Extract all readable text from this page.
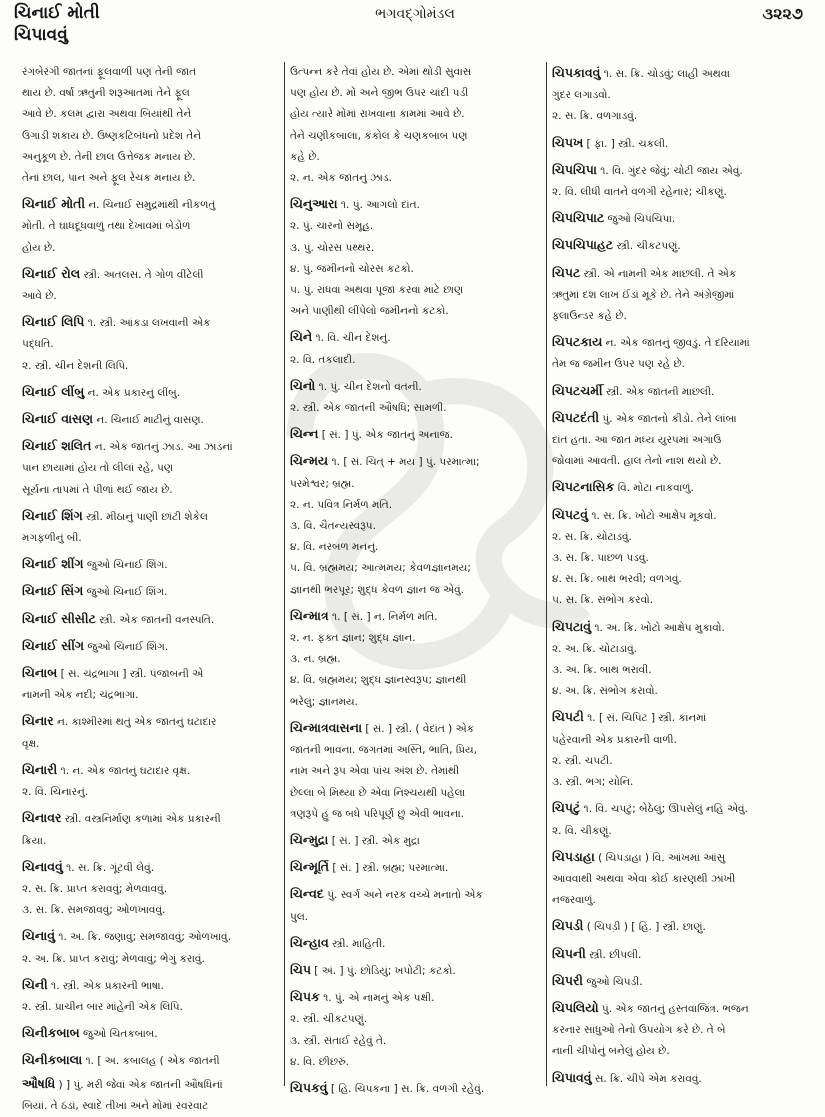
ચિનાઈ મોતી
ચિપાવવું
ભગવદ્ગોમંડલ	૩૨૨૭
રંગબેરંગી જાતનાં ફૂલવાળી પણ તેની જાત
થાય છે. વર્ષા ઋતુની શરૂઆતમાં તેને ફૂલ
આવે છે. કલમ દ્વારા અથવા બિયાંથી તેને
ઉગાડી શકાય છે. ઉષ્ણકટિબંધનો પ્રદેશ તેને
અનુકૂળ છે. તેની છાલ ઉત્તેજક મનાય છે.
તેનાં છાલ, પાન અને ફૂલ રેચક મનાય છે.
ચિનાઈ મોતી ન. ચિનાઈ સમુદ્રમાંથી નીકળતું
મોતી. તે ઘાધદૂધવાળું તથા દેખાવમાં બેડોળ
હોય છે.
ચિનાઈ રોલ સ્ત્રી. અતલસ. તે ગોળ વીંટેલી
આવે છે.
ચિનાઈ લિપિ ૧. સ્ત્રી. આંકડા લખવાની એક
પદ્ધતિ.
૨. સ્ત્રી. ચીન દેશની લિપિ.
ચિનાઈ લીંબુ ન. એક પ્રકારનું લીંબુ.
ચિનાઈ વાસણ ન. ચિનાઈ માટીનું વાસણ.
ચિનાઈ શલિત ન. એક જાતનું ઝાડ. આ ઝાડનાં
પાન છાયામાં હોય તો લીલાં રહે, પણ
સૂર્યના તાપમાં તે પીળાં થઈ જાય છે.
ચિનાઈ શિંગ સ્ત્રી. મીઠાનું પાણી છાંટી શેકેલ
મગફળીનું બી.
ચિનાઈ શીંગ જુઓ ચિનાઈ શિંગ.
ચિનાઈ સિંગ જુઓ ચિનાઈ શિંગ.
ચિનાઈ સીસીટ સ્ત્રી. એક જાતની વનસ્પતિ.
ચિનાઈ સીંગ જુઓ ચિનાઈ શિંગ.
ચિનાબ [ સં. ચંદ્રભાગા ] સ્ત્રી. પંજાબની એ
નામની એક નદી; ચંદ્રભાગા.
ચિનાર ન. કાશ્મીરમાં થતું એક જાતનું ઘટાદાર
વૃક્ષ.
ચિનારી ૧. ન. એક જાતનું ઘટાદાર વૃક્ષ.
૨. વિ. ચિનારનું.
ચિનાવર સ્ત્રી. વસ્ત્રનિર્માણ કળામાં એક પ્રકારની
ક્રિયા.
ચિનાવવું ૧. સ. ક્રિ. ગૂંટવી લેવું.
૨. સ. ક્રિ. પ્રાપ્ત કરાવવું; મેળવાવવું.
૩. સ. ક્રિ. સમજાવવું; ઓળખાવવું.
ચિનાવું ૧. અ. ક્રિ. જણાવું; સમજાવવું; ઓળખાવું.
૨. અ. ક્રિ. પ્રાપ્ત કરાવું; મેળવાવું; ભેગું કરાવું.
ચિની ૧. સ્ત્રી. એક પ્રકારની ભાષા.
૨. સ્ત્રી. પ્રાચીન બાર માંહેની એક લિપિ.
ચિનીકબાબ જુઓ ચિતકબાબ.
ચિનીકબાલા ૧. [ અ. કબાલહ ( એક જાતની
ઔષધિ ) ] પું. મરી જેવાં એક જાતની ઔષધિનાં
બિયાં. તે ઠંડાં, સ્વાદે તીખાં અને મોંમાં રવરવાટ
ઉત્પન્ન કરે તેવાં હોય છે. એમાં થોડી સુવાસ
પણ હોય છે. મોં અને જીભ ઉપર ચાંદી પડી
હોય ત્યારે મોંમાં રાખવાના કામમાં આવે છે.
તેને ચણીકબાલા, કંકોલ કે ચણકબાબ પણ
કહે છે.
૨. ન. એક જાતનું ઝાડ.
ચિનુઆરા ૧. પું. આગલો દાંત.
૨. પું. ચારનો સમૂહ.
૩. પું. ચોરસ પથ્થર.
૪. પું. જમીનનો ચોરસ કટકો.
૫. પું. રાંધવા અથવા પૂજા કરવા માટે છાણ
અને પાણીથી લીંપેલો જમીનનો કટકો.
ચિને ૧. વિ. ચીન દેશનું.
૨. વિ. તકલાદી.
ચિનો ૧. પું. ચીન દેશનો વતની.
૨. સ્ત્રી. એક જાતની ઔષધિ; સામળી.
ચિન્ન [ સં. ] પું. એક જાતનું અનાજ.
ચિન્મય ૧. [ સં. ચિત્ + મય ] પું. પરમાત્મા;
પરમેશ્વર; બ્રહ્મ.
૨. ન. પવિત્ર નિર્મળ મતિ.
૩. વિ. ચૈતન્યસ્વરૂપ.
૪. વિ. નરબળ મનનું.
૫. વિ. બ્રહ્મમય; આત્મમય; કેવળજ્ઞાનમય;
જ્ઞાનથી ભરપૂર; શુદ્ધ કેવળ જ્ઞાન જ એવું.
ચિન્માત્ર ૧. [ સં. ] ન. નિર્મળ મતિ.
૨. ન. ફક્ત જ્ઞાન; શુદ્ધ જ્ઞાન.
૩. ન. બ્રહ્મ.
૪. વિ. બ્રહ્મમય; શુદ્ધ જ્ઞાનસ્વરૂપ; જ્ઞાનથી
ભરેલું; જ્ઞાનમય.
ચિન્માત્રવાસના [ સં. ] સ્ત્રી. ( વેદાંત ) એક
જાતની ભાવના. જગતમાં અસ્તિ, ભાતિ, પ્રિય,
નામ અને રૂપ એવા પાંચ અંશ છે. તેમાંથી
છેલ્લા બે મિથ્યા છે એવા નિશ્ચયથી પહેલા
ત્રણરૂપે હું જ બધે પરિપૂર્ણ છું એવી ભાવના.
ચિન્મુદ્રા [ સં. ] સ્ત્રી. એક મુદ્રા
ચિન્મૂર્તિ [ સં. ] સ્ત્રી. બ્રહ્મ; પરમાત્મા.
ચિન્વદ પું. સ્વર્ગ અને નરક વચ્ચે મનાતો એક
પુલ.
ચિન્હાવ સ્ત્રી. માહિતી.
ચિપ [ અં. ] પું. છોડિયું; ખપોટી; કટકો.
ચિપક ૧. પું. એ નામનું એક પક્ષી.
૨. સ્ત્રી. ચીકટપણું.
૩. સ્ત્રી. સંતાઈ રહેવું તે.
૪. વિ. છીછરું.
ચિપકવું [ હિ. ચિપકના ] સ. ક્રિ. વળગી રહેવું.
ચિપકાવવું ૧. સ. ક્રિ. ચોડવું; લાહી અથવા
ગુંદર લગાડવો.
૨. સ. ક્રિ. વળગાડવું.
ચિપખ [ ફા. ] સ્ત્રી. ચકલી.
ચિપચિપા ૧. વિ. ગુંદર જેવું; ચોટી જાય એવું.
૨. વિ. લીધી વાતને વળગી રહેનાર; ચીકણું.
ચિપચિપાટ જુઓ ચિપચિપા.
ચિપચિપાહટ સ્ત્રી. ચીકટપણું.
ચિપટ સ્ત્રી. એ નામની એક માછલી. તે એક
ઋતુમાં દશ લાખ ઈંડાં મૂકે છે. તેને અંગ્રેજીમાં
ફ્લાઉન્ડર કહે છે.
ચિપટકાય ન. એક જાતનું જીવડું. તે દરિયામાં
તેમ જ જમીન ઉપર પણ રહે છે.
ચિપટચર્મી સ્ત્રી. એક જાતની માછલી.
ચિપટદંતી પું. એક જાતનો કીડો. તેને લાંબા
દાંત હતા. આ જાત મધ્ય યુરપમાં અગાઉ
જોવામાં આવતી. હાલ તેનો નાશ થયો છે.
ચિપટનાસિક વિ. મોટા નાકવાળું.
ચિપટવું ૧. સ. ક્રિ. ખોટો આક્ષેપ મૂકવો.
૨. સ. ક્રિ. ચોટાડવું.
૩. સ. ક્રિ. પાછળ પડવું.
૪. સ. ક્રિ. બાથ ભરવી; વળગવું.
૫. સ. ક્રિ. સંભોગ કરવો.
ચિપટાવું ૧. અ. ક્રિ. ખોટો આક્ષેપ મુકાવો.
૨. અ. ક્રિ. ચોટાડાવું.
૩. અ. ક્રિ. બાથ ભરાવી.
૪. અ. ક્રિ. સંભોગ કરાવો.
ચિપટી ૧. [ સં. ચિપિટ ] સ્ત્રી. કાનમાં
પહેરવાની એક પ્રકારની વાળી.
૨. સ્ત્રી. ચપટી.
૩. સ્ત્રી. ભગ; યોનિ.
ચિપટું ૧. વિ. ચપટું; બેઠેલું; ઊપસેલું નહિ એવું.
૨. વિ. ચીકણું.
ચિપડાહા ( ચિપડ઼ાહા ) વિ. આંખમાં આંસુ
આવવાથી અથવા એવા કોઈ કારણથી ઝાંખી
નજરવાળું.
ચિપડી ( ચિપડ઼ી ) [ હિં. ] સ્ત્રી. છાણું.
ચિપની સ્ત્રી. છીપલી.
ચિપરી જુઓ ચિપડી.
ચિપલિયો પું. એક જાતનું હસ્તવાજિંત્ર. ભજન
કરનાર સાધુઓ તેનો ઉપયોગ કરે છે. તે બે
નાની ચીપોનું બનેલું હોય છે.
ચિપાવવું સ. ક્રિ. ચીપે એમ કરાવવું.
